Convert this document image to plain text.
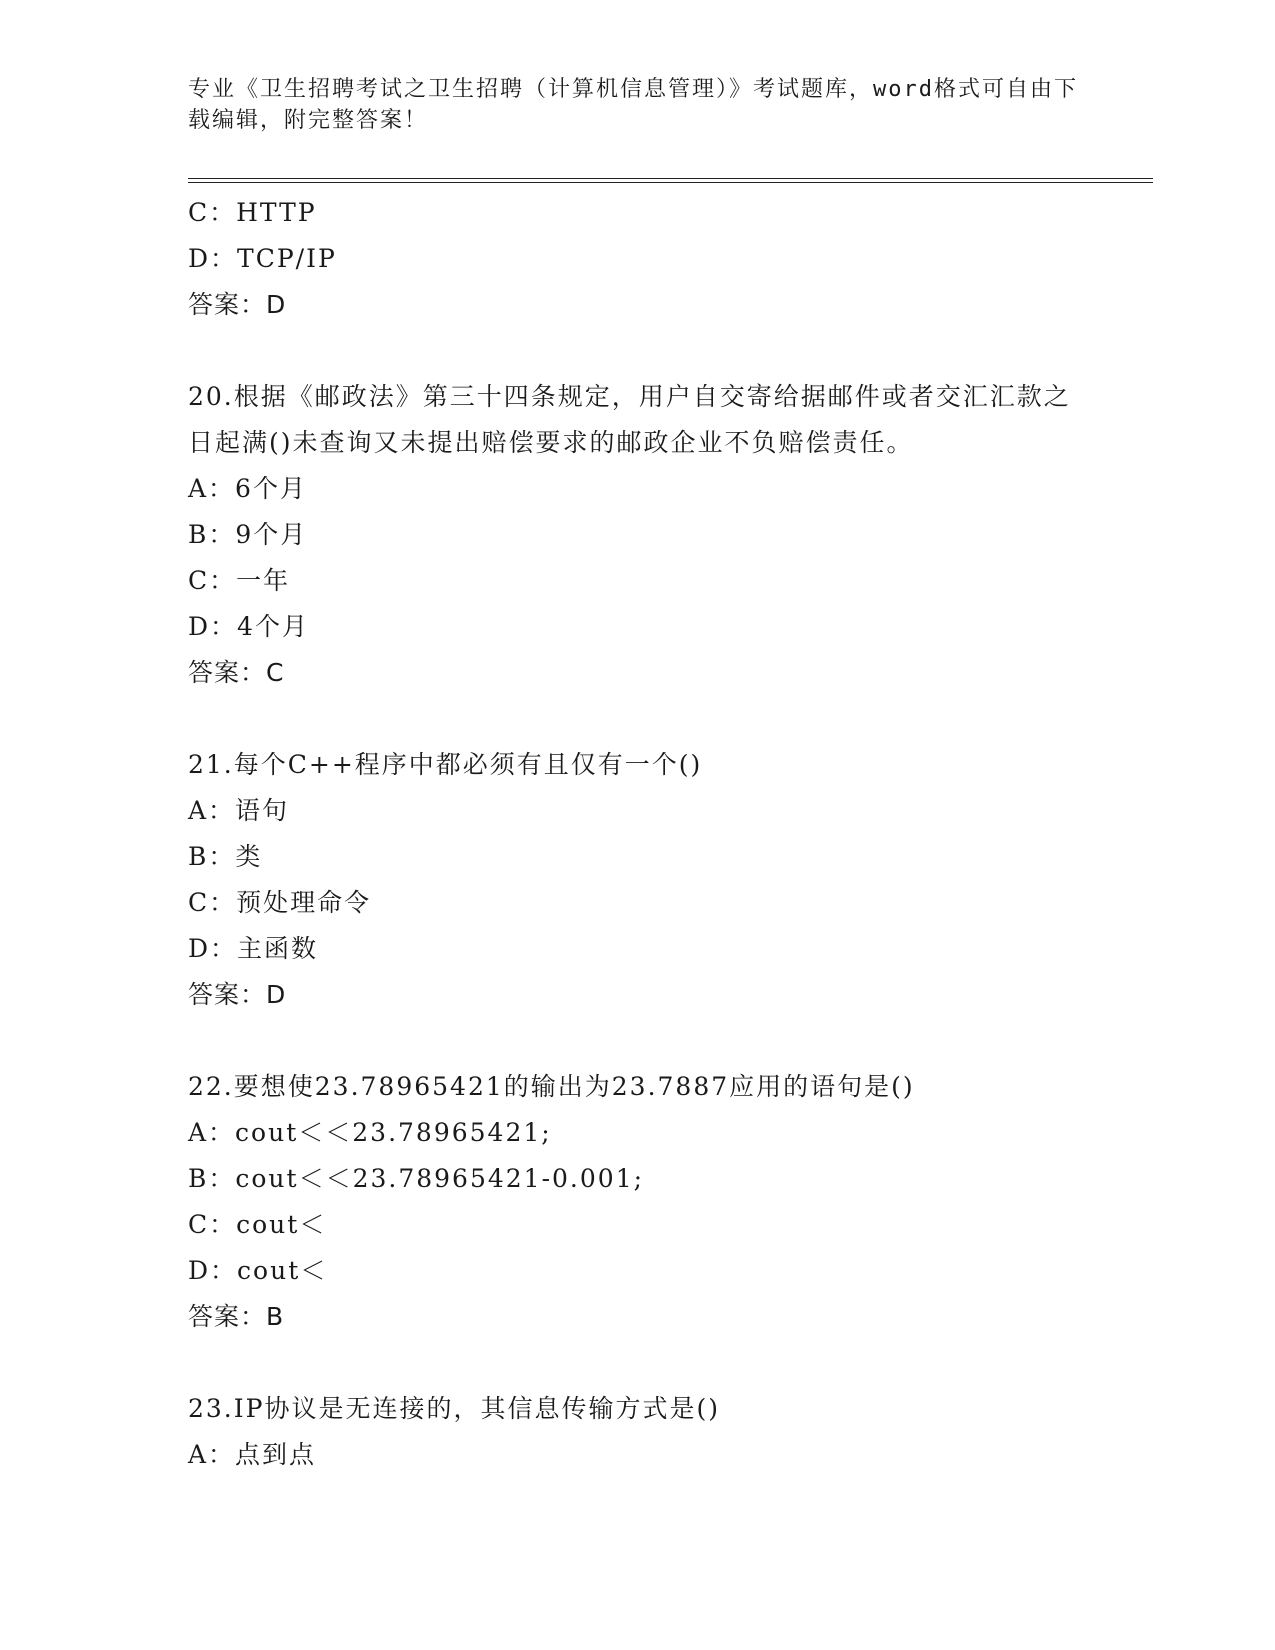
专业《卫生招聘考试之卫生招聘（计算机信息管理）》考试题库，word格式可自由下载编辑，附完整答案！
C：HTTP
D：TCP/IP
答案：D
20.根据《邮政法》第三十四条规定，用户自交寄给据邮件或者交汇汇款之日起满()未查询又未提出赔偿要求的邮政企业不负赔偿责任。
A：6个月
B：9个月
C：一年
D：4个月
答案：C
21.每个C++程序中都必须有且仅有一个()
A：语句
B：类
C：预处理命令
D：主函数
答案：D
22.要想使23.78965421的输出为23.7887应用的语句是()
A：cout＜＜23.78965421;
B：cout＜＜23.78965421-0.001;
C：cout＜
D：cout＜
答案：B
23.IP协议是无连接的，其信息传输方式是()
A：点到点
